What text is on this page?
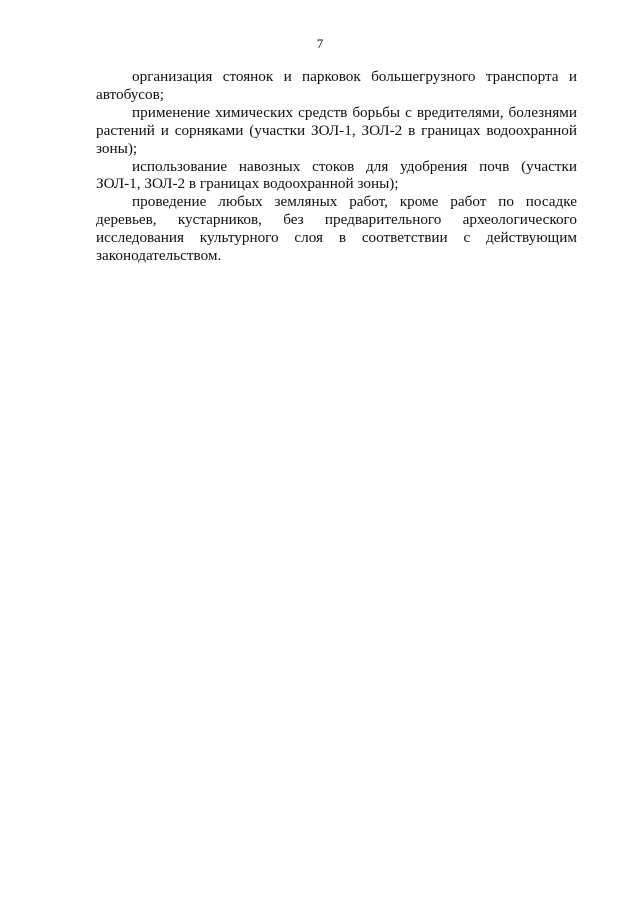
7

организация стоянок и парковок большегрузного транспорта и автобусов;

применение химических средств борьбы с вредителями, болезнями растений и сорняками (участки ЗОЛ-1, ЗОЛ-2 в границах водоохранной зоны);

использование навозных стоков для удобрения почв (участки ЗОЛ-1, ЗОЛ-2 в границах водоохранной зоны);

проведение любых земляных работ, кроме работ по посадке деревьев, кустарников, без предварительного археологического исследования культурного слоя в соответствии с действующим законодательством.
